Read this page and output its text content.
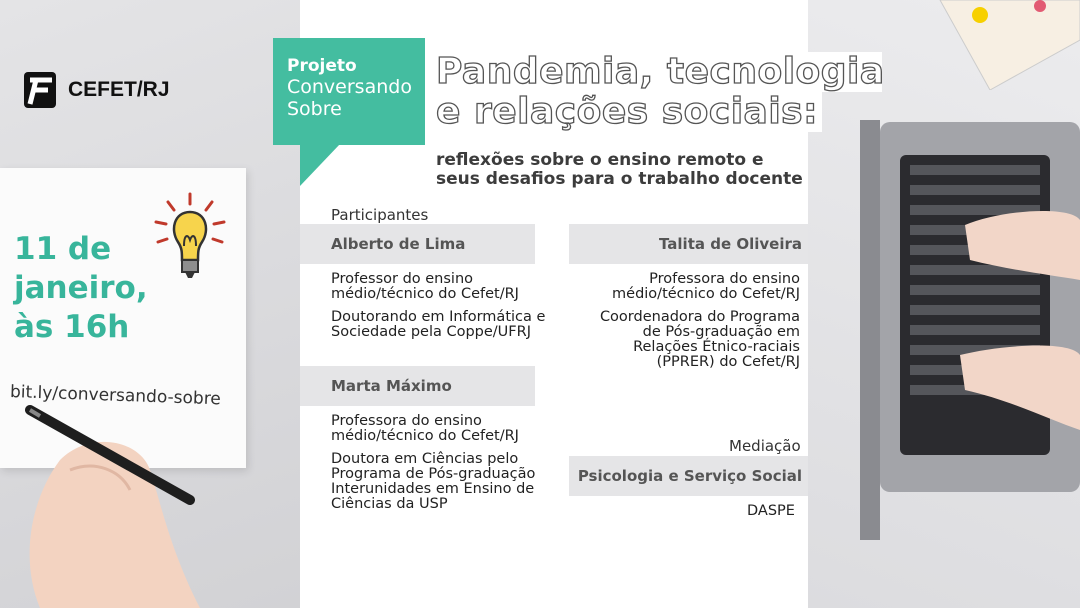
CEFET/RJ
11 de
janeiro,
às 16h
bit.ly/conversando-sobre
Projeto
Conversando
Sobre
Pandemia, tecnologia
e relações sociais:
reflexões sobre o ensino remoto e
seus desafios para o trabalho docente
Participantes
Alberto de Lima

Professor do ensino médio/técnico do Cefet/RJ

Doutorando em Informática e Sociedade pela Coppe/UFRJ

Talita de Oliveira

Professora do ensino médio/técnico do Cefet/RJ

Coordenadora do Programa de Pós-graduação em Relações Étnico-raciais (PPRER) do Cefet/RJ

Marta Máximo

Professora do ensino médio/técnico do Cefet/RJ

Doutora em Ciências pelo Programa de Pós-graduação Interunidades em Ensino de Ciências da USP

Mediação
Psicologia e Serviço Social
DASPE
